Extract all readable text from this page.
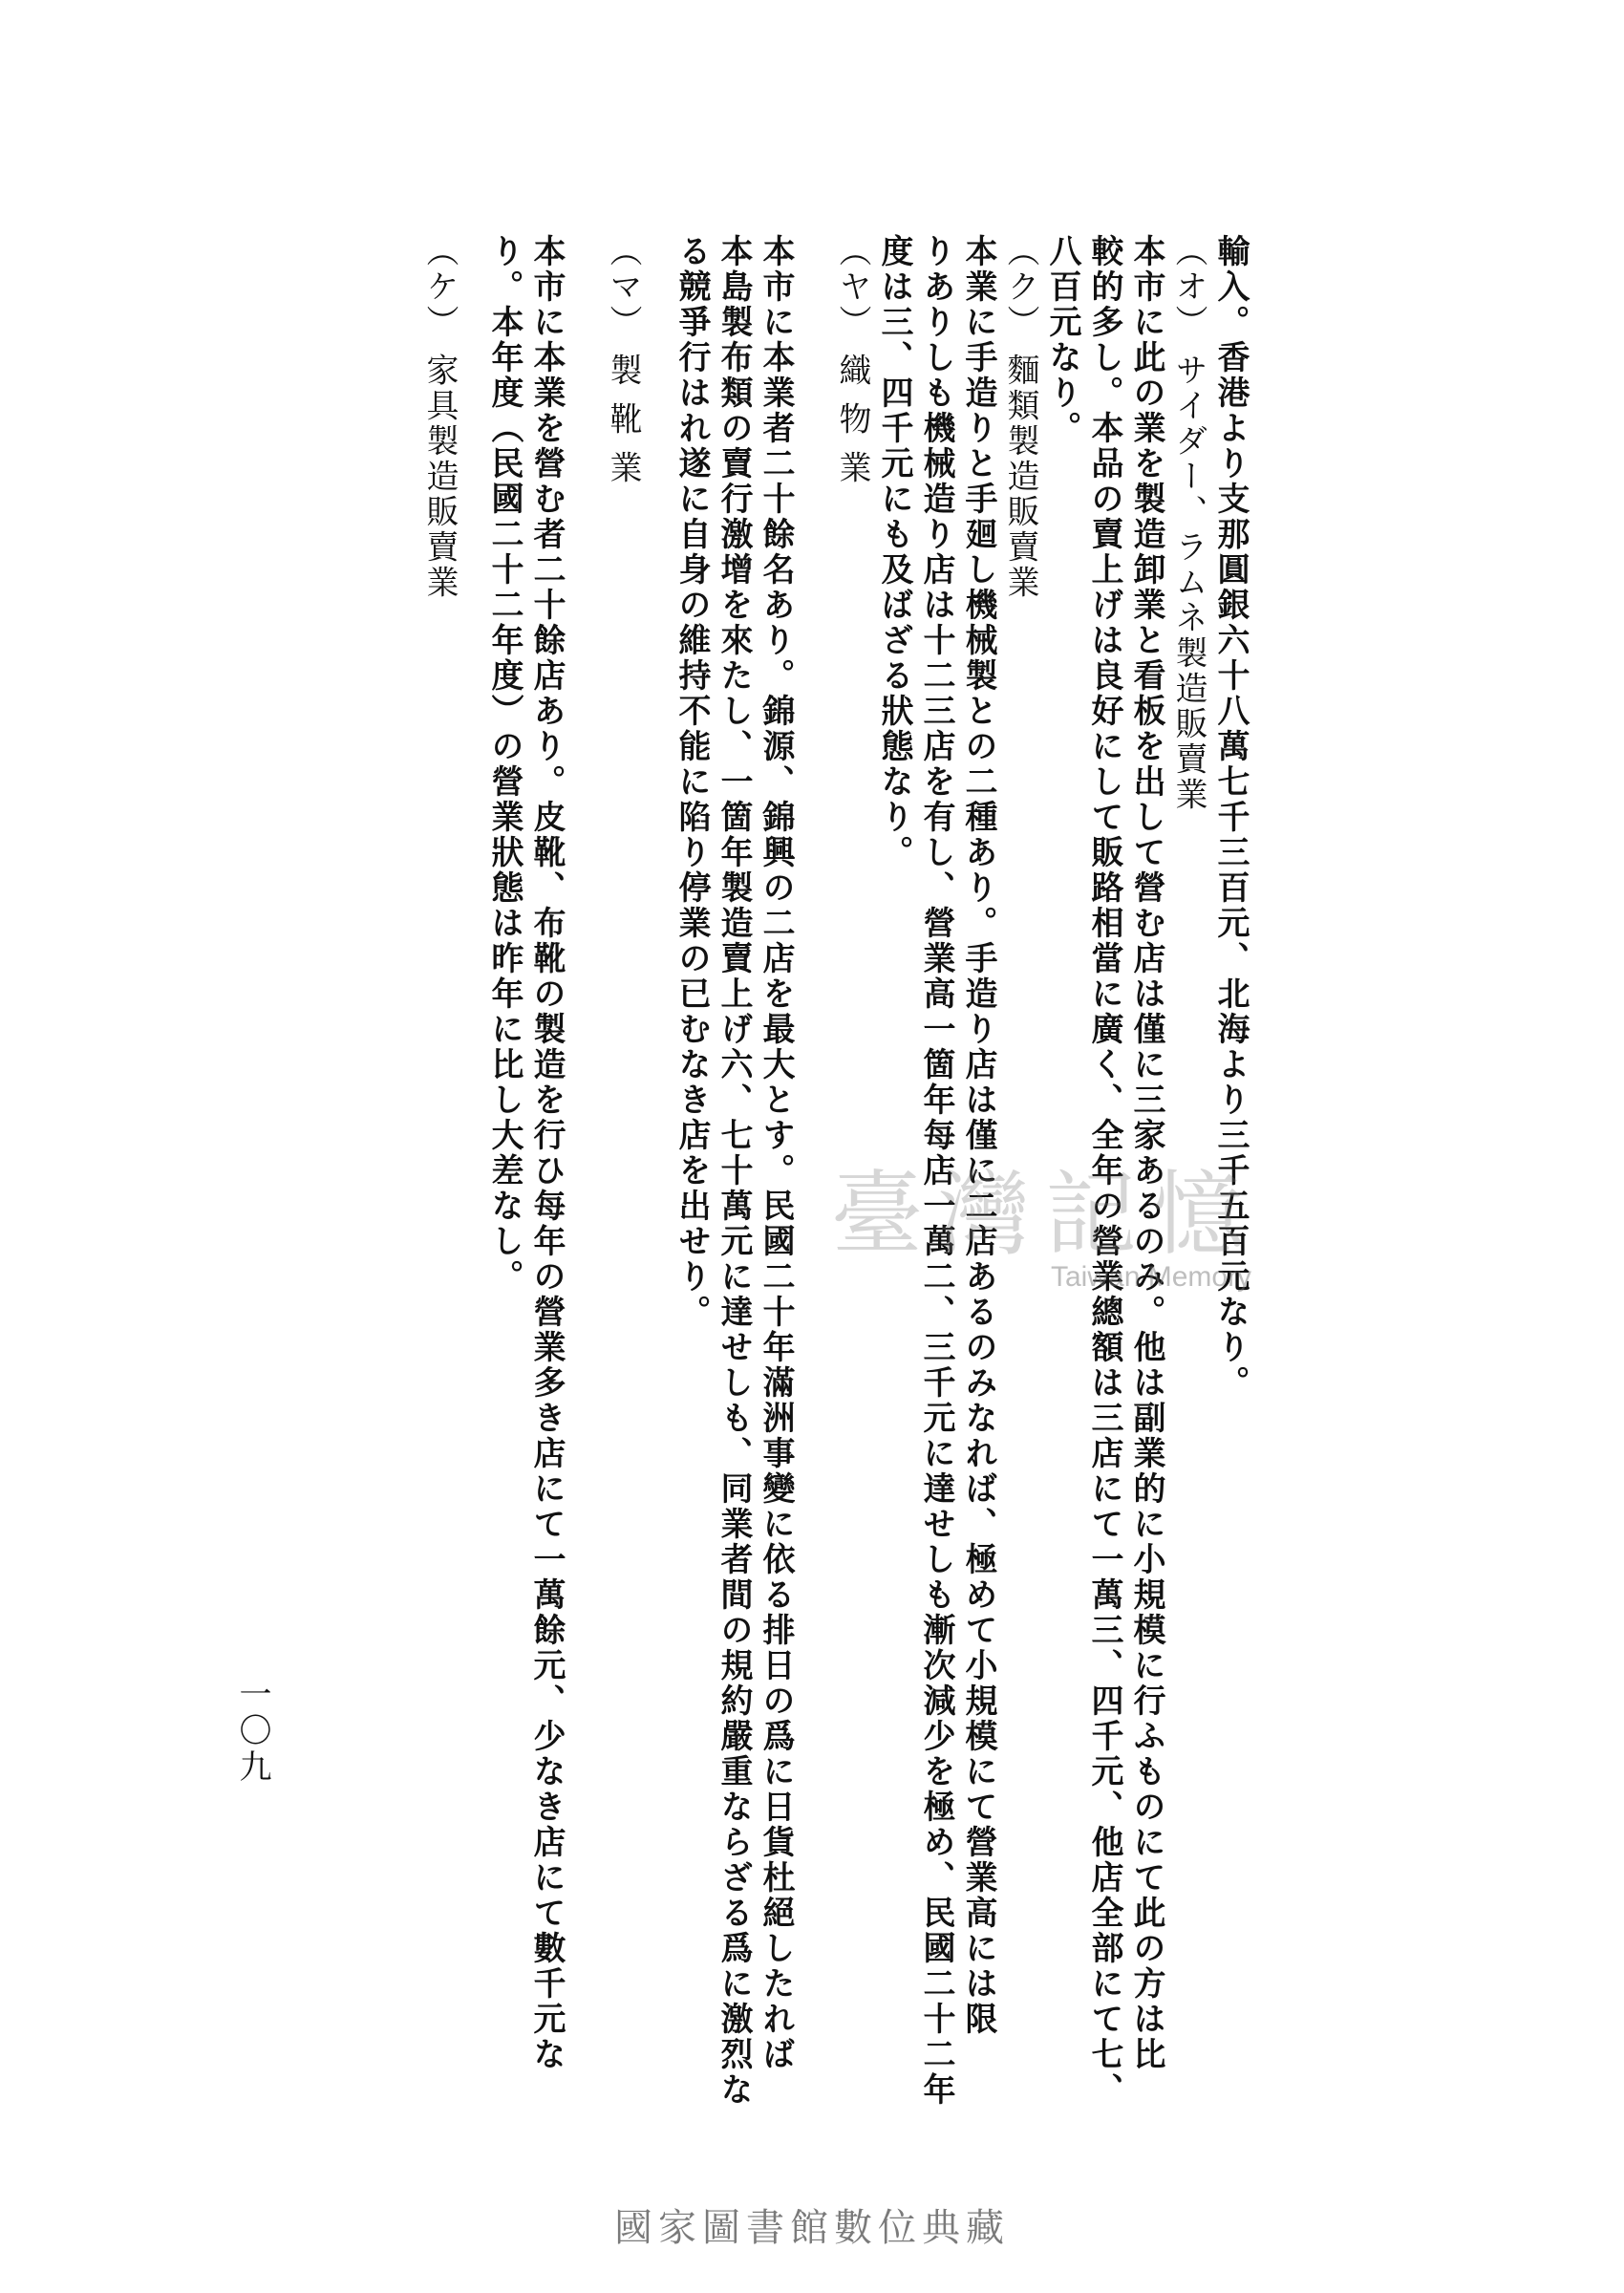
輸入。香港より支那圓銀六十八萬七千三百元、北海より三千五百元なり。
（オ） サイダー、ラムネ製造販賣業
本市に此の業を製造卸業と看板を出して營む店は僅に三家あるのみ。他は副業的に小規模に行ふものにて此の方は比
較的多し。本品の賣上げは良好にして販路相當に廣く、全年の營業總額は三店にて一萬三、四千元、他店全部にて七、
八百元なり。
（ク） 麵類製造販賣業
本業に手造りと手廻し機械製との二種あり。手造り店は僅に二店あるのみなれば、極めて小規模にて營業高には限
りありしも機械造り店は十二三店を有し、營業高一箇年每店一萬二、三千元に達せしも漸次減少を極め、民國二十二年
度は三、四千元にも及ばざる狀態なり。
（ヤ） 織 物 業
本市に本業者二十餘名あり。錦源、錦興の二店を最大とす。民國二十年滿洲事變に依る排日の爲に日貨杜絕したれば
本島製布類の賣行激增を來たし、一箇年製造賣上げ六、七十萬元に達せしも、同業者間の規約嚴重ならざる爲に激烈な
る競爭行はれ遂に自身の維持不能に陷り停業の已むなき店を出せり。
（マ） 製 靴 業
本市に本業を營む者二十餘店あり。皮靴、布靴の製造を行ひ每年の營業多き店にて一萬餘元、少なき店にて數千元な
り。本年度（民國二十二年度）の營業狀態は昨年に比し大差なし。
（ケ） 家具製造販賣業
一〇九
臺灣記憶
Taiwan Memory
國家圖書館數位典藏
